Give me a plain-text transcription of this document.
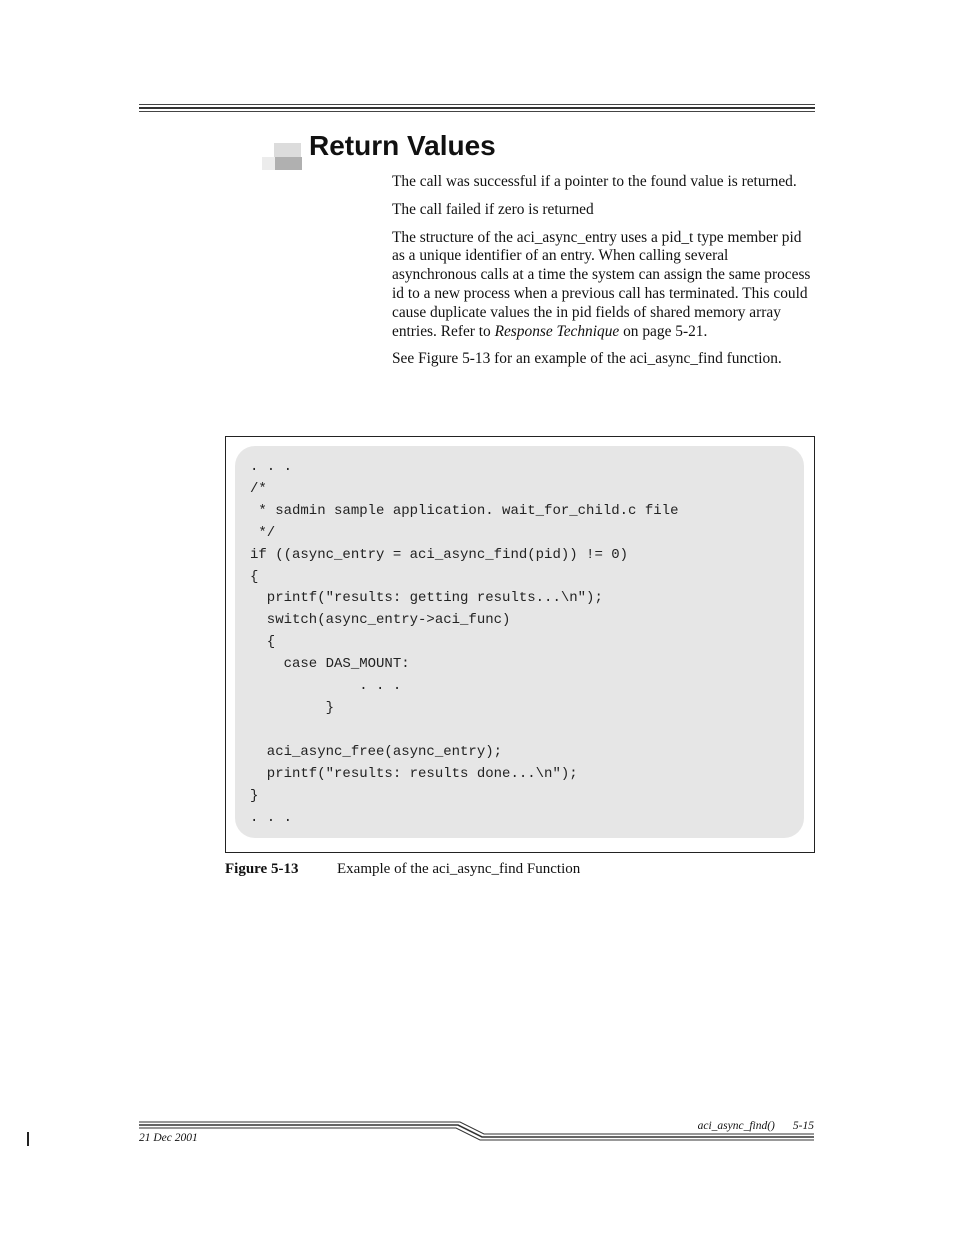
Return Values

The call was successful if a pointer to the found value is returned.

The call failed if zero is returned

The structure of the aci_async_entry uses a pid_t type member pid as a unique identifier of an entry. When calling several asynchronous calls at a time the system can assign the same process id to a new process when a previous call has terminated. This could cause duplicate values the in pid fields of shared memory array entries. Refer to Response Technique on page 5-21.

See Figure 5-13 for an example of the aci_async_find function.

. . .
/*
* sadmin sample application. wait_for_child.c file
*/
if ((async_entry = aci_async_find(pid)) != 0)
{
printf("results: getting results...\n");
switch(async_entry->aci_func)
{
case DAS_MOUNT:
. . .
}

aci_async_free(async_entry);
printf("results: results done...\n");
}
. . .
Figure 5-13	Example of the aci_async_find Function
aci_async_find() 5-15
21 Dec 2001
